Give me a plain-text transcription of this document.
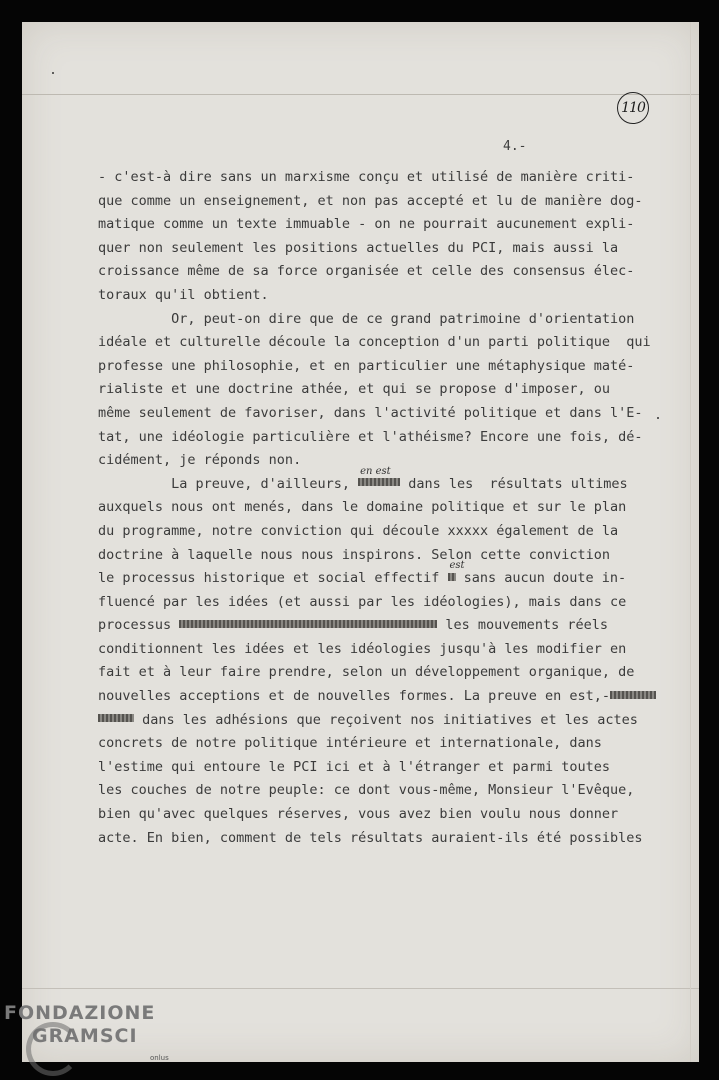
110
4.-
- c'est-à dire sans un marxisme conçu et utilisé de manière criti-
que comme un enseignement, et non pas accepté et lu de manière dog-
matique comme un texte immuable - on ne pourrait aucunement expli-
quer non seulement les positions actuelles du PCI, mais aussi la
croissance même de sa force organisée et celle des consensus élec-
toraux qu'il obtient.
Or, peut-on dire que de ce grand patrimoine d'orientation
idéale et culturelle découle la conception d'un parti politique  qui
professe une philosophie, et en particulier une métaphysique maté-
rialiste et une doctrine athée, et qui se propose d'imposer, ou
même seulement de favoriser, dans l'activité politique et dans l'E-
tat, une idéologie particulière et l'athéisme? Encore une fois, dé-
cidément, je réponds non.
La preuve, d'ailleurs,
en est
dans les  résultats ultimes
auxquels nous ont menés, dans le domaine politique et sur le plan
du programme, notre conviction qui découle xxxxx également de la
doctrine à laquelle nous nous inspirons. Selon cette conviction
le processus historique et social effectif
est
sans aucun doute in-
fluencé par les idées (et aussi par les idéologies), mais dans ce
processus	les mouvements réels
conditionnent les idées et les idéologies jusqu'à les modifier en
fait et à leur faire prendre, selon un développement organique, de
nouvelles acceptions et de nouvelles formes. La preuve en est,-
dans les adhésions que reçoivent nos initiatives et les actes
concrets de notre politique intérieure et internationale, dans
l'estime qui entoure le PCI ici et à l'étranger et parmi toutes
les couches de notre peuple: ce dont vous-même, Monsieur l'Evêque,
bien qu'avec quelques réserves, vous avez bien voulu nous donner
acte. En bien, comment de tels résultats auraient-ils été possibles
FONDAZIONE
GRAMSCI
onlus
